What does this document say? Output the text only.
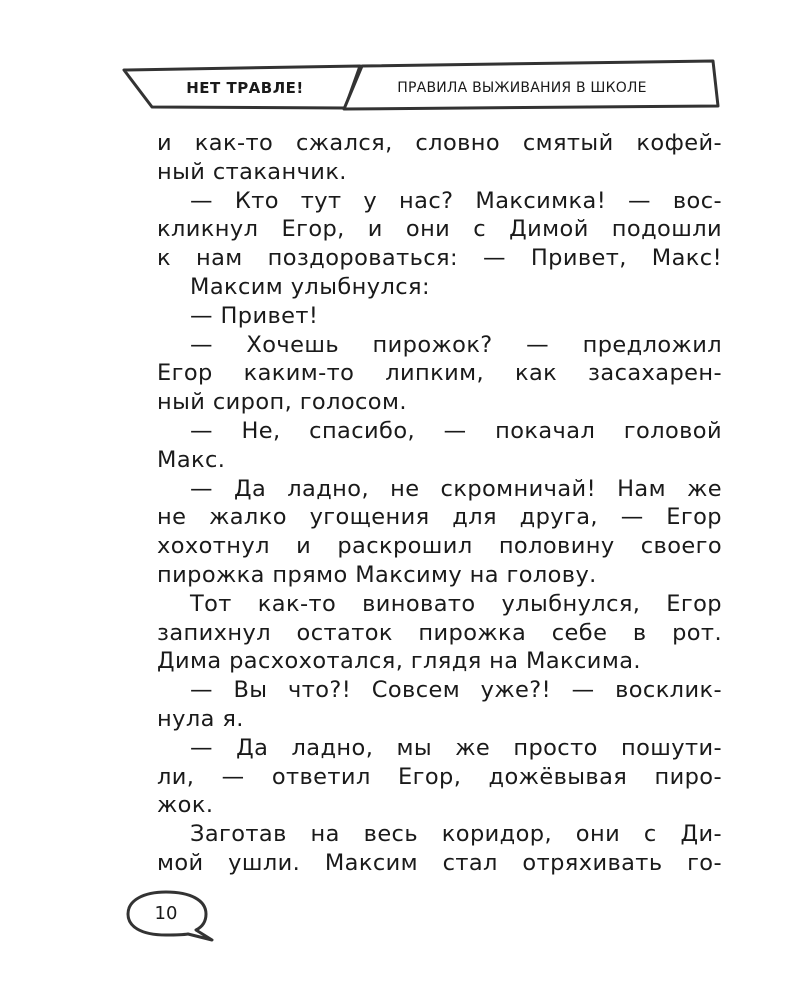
НЕТ ТРАВЛЕ!	ПРАВИЛА ВЫЖИВАНИЯ В ШКОЛЕ
и как-то сжался, словно смятый кофей-
ный стаканчик.
— Кто тут у нас? Максимка! — вос-
кликнул Егор, и они с Димой подошли
к нам поздороваться: — Привет, Макс!
Максим улыбнулся:
— Привет!
— Хочешь пирожок? — предложил
Егор каким-то липким, как засахарен-
ный сироп, голосом.
— Не, спасибо, — покачал головой
Макс.
— Да ладно, не скромничай! Нам же
не жалко угощения для друга, — Егор
хохотнул и раскрошил половину своего
пирожка прямо Максиму на голову.
Тот как-то виновато улыбнулся, Егор
запихнул остаток пирожка себе в рот.
Дима расхохотался, глядя на Максима.
— Вы что?! Совсем уже?! — восклик-
нула я.
— Да ладно, мы же просто пошути-
ли, — ответил Егор, дожёвывая пиро-
жок.
Заготав на весь коридор, они с Ди-
мой ушли. Максим стал отряхивать го-
10
